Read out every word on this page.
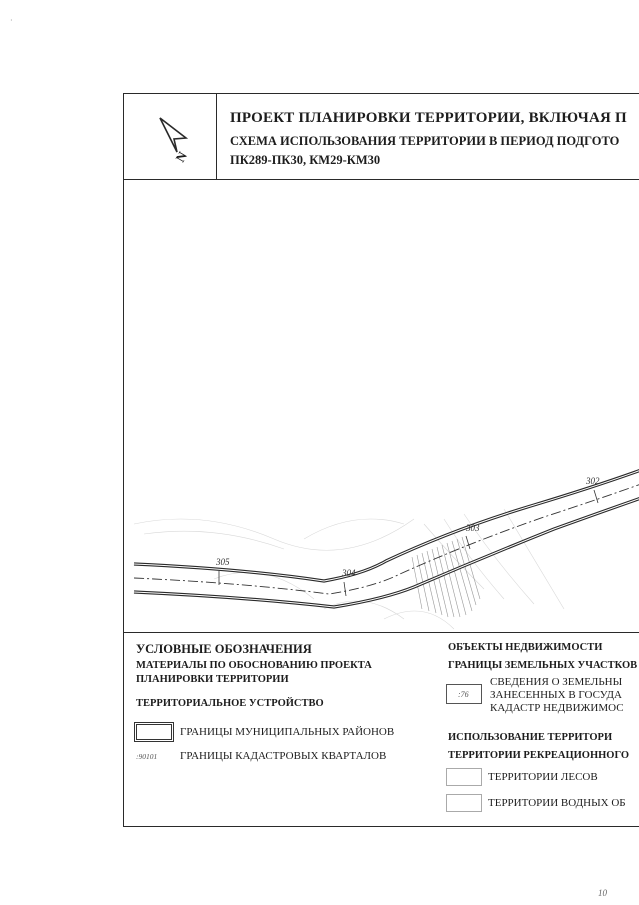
N
ПРОЕКТ ПЛАНИРОВКИ ТЕРРИТОРИИ, ВКЛЮЧАЯ П
СХЕМА ИСПОЛЬЗОВАНИЯ ТЕРРИТОРИИ В ПЕРИОД ПОДГОТО
ПК289-ПК30, КМ29-КМ30
305
304
303
302
УСЛОВНЫЕ ОБОЗНАЧЕНИЯ
МАТЕРИАЛЫ ПО ОБОСНОВАНИЮ ПРОЕКТА
ПЛАНИРОВКИ ТЕРРИТОРИИ
ТЕРРИТОРИАЛЬНОЕ УСТРОЙСТВО
ГРАНИЦЫ МУНИЦИПАЛЬНЫХ РАЙОНОВ
:90101 ГРАНИЦЫ КАДАСТРОВЫХ КВАРТАЛОВ
ОБЪЕКТЫ НЕДВИЖИМОСТИ
ГРАНИЦЫ ЗЕМЕЛЬНЫХ УЧАСТКОВ
:76
СВЕДЕНИЯ О ЗЕМЕЛЬНЫ
ЗАНЕСЕННЫХ В ГОСУДА
КАДАСТР НЕДВИЖИМОС
ИСПОЛЬЗОВАНИЕ ТЕРРИТОРИ
ТЕРРИТОРИИ РЕКРЕАЦИОННОГО
ТЕРРИТОРИИ ЛЕСОВ
ТЕРРИТОРИИ ВОДНЫХ ОБ
10
·
